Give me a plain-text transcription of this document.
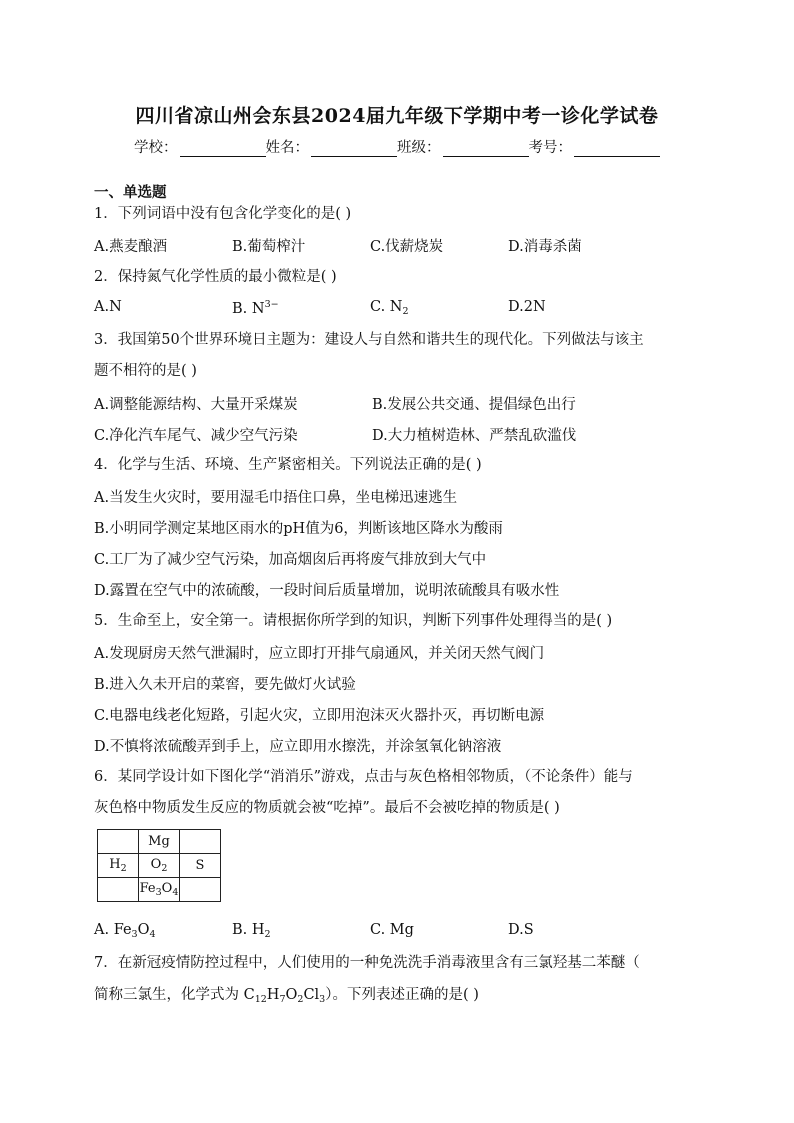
四川省凉山州会东县2024届九年级下学期中考一诊化学试卷
学校：	姓名：	班级：	考号：
一、单选题
1．下列词语中没有包含化学变化的是( )
A.燕麦酿酒	B.葡萄榨汁	C.伐薪烧炭	D.消毒杀菌
2．保持氮气化学性质的最小微粒是( )
A.N	B. $N^{3-}$	C. $N_2$	D.2N
3．我国第50个世界环境日主题为：建设人与自然和谐共生的现代化。下列做法与该主
题不相符的是( )
A.调整能源结构、大量开采煤炭	B.发展公共交通、提倡绿色出行
C.净化汽车尾气、减少空气污染	D.大力植树造林、严禁乱砍滥伐
4．化学与生活、环境、生产紧密相关。下列说法正确的是( )
A.当发生火灾时，要用湿毛巾捂住口鼻，坐电梯迅速逃生
B.小明同学测定某地区雨水的pH值为6，判断该地区降水为酸雨
C.工厂为了减少空气污染，加高烟囱后再将废气排放到大气中
D.露置在空气中的浓硫酸，一段时间后质量增加，说明浓硫酸具有吸水性
5．生命至上，安全第一。请根据你所学到的知识，判断下列事件处理得当的是( )
A.发现厨房天然气泄漏时，应立即打开排气扇通风，并关闭天然气阀门
B.进入久未开启的菜窖，要先做灯火试验
C.电器电线老化短路，引起火灾，立即用泡沫灭火器扑灭，再切断电源
D.不慎将浓硫酸弄到手上，应立即用水擦洗，并涂氢氧化钠溶液
6．某同学设计如下图化学“消消乐”游戏，点击与灰色格相邻物质，（不论条件）能与
灰色格中物质发生反应的物质就会被“吃掉”。最后不会被吃掉的物质是( )
	Mg	
$H_2$	$O_2$	S
	$Fe_3O_4$	
A. $Fe_3O_4$	B. $H_2$	C. Mg	D.S
7．在新冠疫情防控过程中，人们使用的一种免洗洗手消毒液里含有三氯羟基二苯醚（
简称三氯生，化学式为 $C_{12}H_7O_2Cl_3$）。下列表述正确的是( )
